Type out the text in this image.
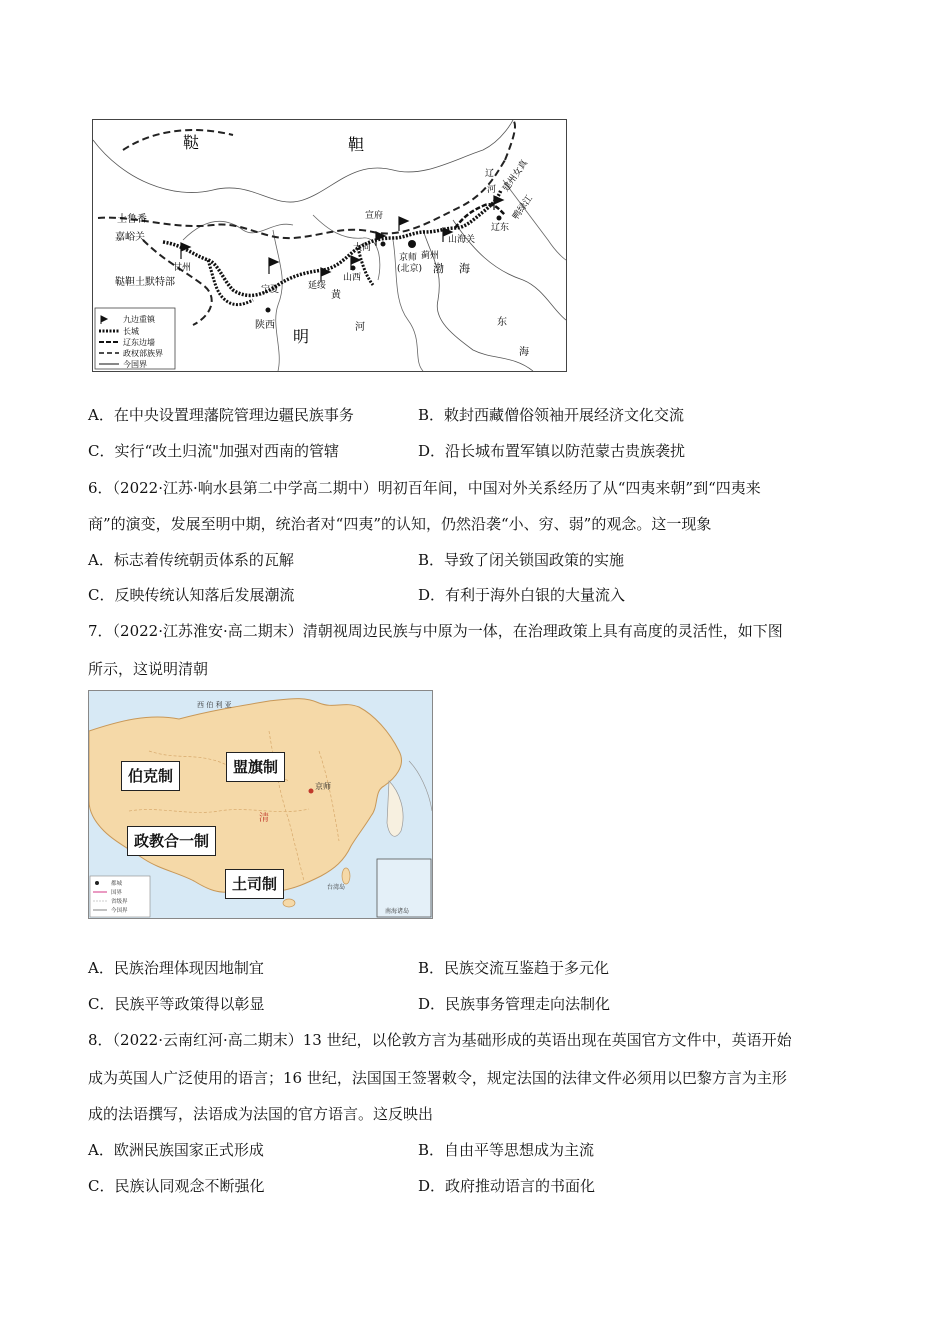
鞑	靼
土鲁番
嘉峪关
甘州
鞑靼土默特部
宁夏	延绥
陕西
山西
大同
宣府
京师
(北京)
蓟州
山海关
辽东
渤 海
明	河
黄
东
海
辽
河 建州女真
鸭绿江
九边重镇
长城
辽东边墙
政权部族界
今国界
A．在中央设置理藩院管理边疆民族事务	B．敕封西藏僧俗领袖开展经济文化交流
C．实行“改土归流"加强对西南的管辖	D．沿长城布置军镇以防范蒙古贵族袭扰
6．（2022·江苏·响水县第二中学高二期中）明初百年间，中国对外关系经历了从“四夷来朝”到“四夷来
商”的演变，发展至明中期，统治者对“四夷”的认知，仍然沿袭“小、穷、弱”的观念。这一现象
A．标志着传统朝贡体系的瓦解	B．导致了闭关锁国政策的实施
C．反映传统认知落后发展潮流	D．有利于海外白银的大量流入
7．（2022·江苏淮安·高二期末）清朝视周边民族与中原为一体，在治理政策上具有高度的灵活性，如下图
所示，这说明清朝
京师
清
西 伯 利 亚
台湾岛
南海诸岛
都城
国界
省级界
今国界
伯克制	盟旗制
政教合一制
土司制
A．民族治理体现因地制宜	B．民族交流互鉴趋于多元化
C．民族平等政策得以彰显	D．民族事务管理走向法制化
8．（2022·云南红河·高二期末）13 世纪，以伦敦方言为基础形成的英语出现在英国官方文件中，英语开始
成为英国人广泛使用的语言；16 世纪，法国国王签署敕令，规定法国的法律文件必须用以巴黎方言为主形
成的法语撰写，法语成为法国的官方语言。这反映出
A．欧洲民族国家正式形成	B．自由平等思想成为主流
C．民族认同观念不断强化	D．政府推动语言的书面化
